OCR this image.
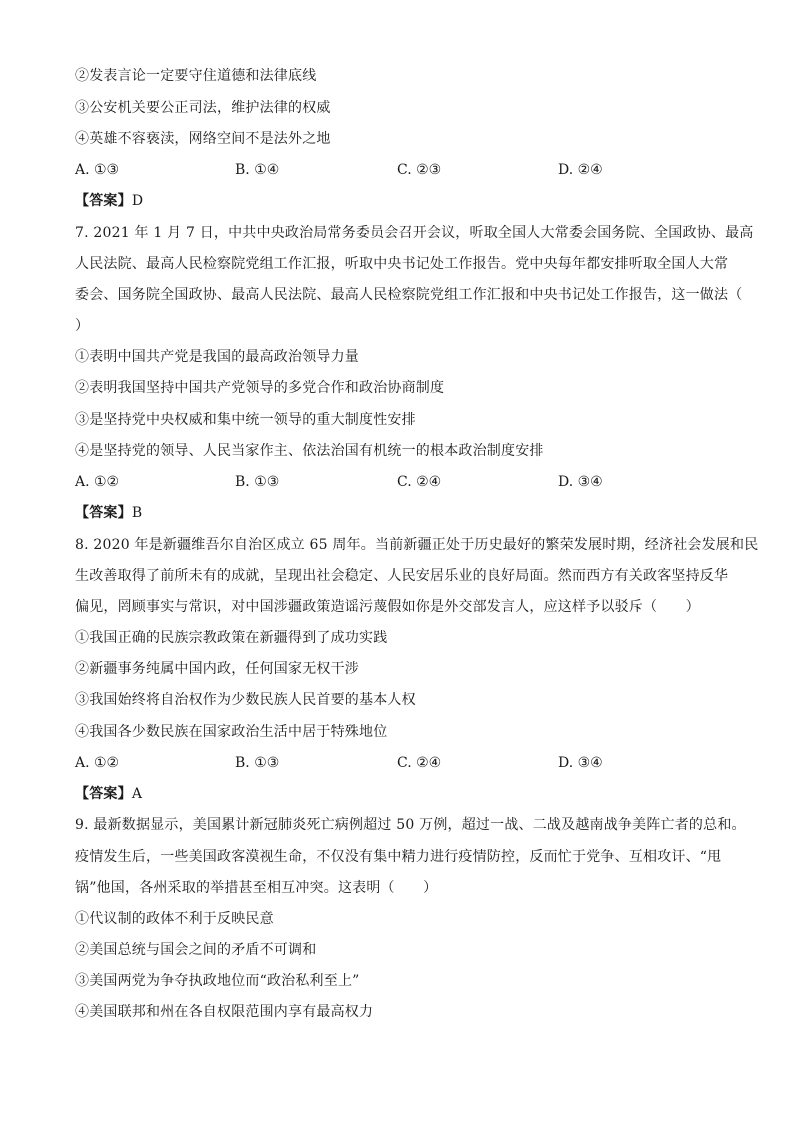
②发表言论一定要守住道德和法律底线
③公安机关要公正司法，维护法律的权威
④英雄不容亵渎，网络空间不是法外之地
A. ①③	B. ①④	C. ②③	D. ②④
【答案】D
7. 2021 年 1 月 7 日，中共中央政治局常务委员会召开会议，听取全国人大常委会国务院、全国政协、最高
人民法院、最高人民检察院党组工作汇报，听取中央书记处工作报告。党中央每年都安排听取全国人大常
委会、国务院全国政协、最高人民法院、最高人民检察院党组工作汇报和中央书记处工作报告，这一做法（
）
①表明中国共产党是我国的最高政治领导力量
②表明我国坚持中国共产党领导的多党合作和政治协商制度
③是坚持党中央权威和集中统一领导的重大制度性安排
④是坚持党的领导、人民当家作主、依法治国有机统一的根本政治制度安排
A. ①②	B. ①③	C. ②④	D. ③④
【答案】B
8. 2020 年是新疆维吾尔自治区成立 65 周年。当前新疆正处于历史最好的繁荣发展时期，经济社会发展和民
生改善取得了前所未有的成就，呈现出社会稳定、人民安居乐业的良好局面。然而西方有关政客坚持反华
偏见，罔顾事实与常识，对中国涉疆政策造谣污蔑假如你是外交部发言人，应这样予以驳斥（　　）
①我国正确的民族宗教政策在新疆得到了成功实践
②新疆事务纯属中国内政，任何国家无权干涉
③我国始终将自治权作为少数民族人民首要的基本人权
④我国各少数民族在国家政治生活中居于特殊地位
A. ①②	B. ①③	C. ②④	D. ③④
【答案】A
9. 最新数据显示，美国累计新冠肺炎死亡病例超过 50 万例，超过一战、二战及越南战争美阵亡者的总和。
疫情发生后，一些美国政客漠视生命，不仅没有集中精力进行疫情防控，反而忙于党争、互相攻讦、“甩
锅”他国，各州采取的举措甚至相互冲突。这表明（　　）
①代议制的政体不利于反映民意
②美国总统与国会之间的矛盾不可调和
③美国两党为争夺执政地位而“政治私利至上”
④美国联邦和州在各自权限范围内享有最高权力
